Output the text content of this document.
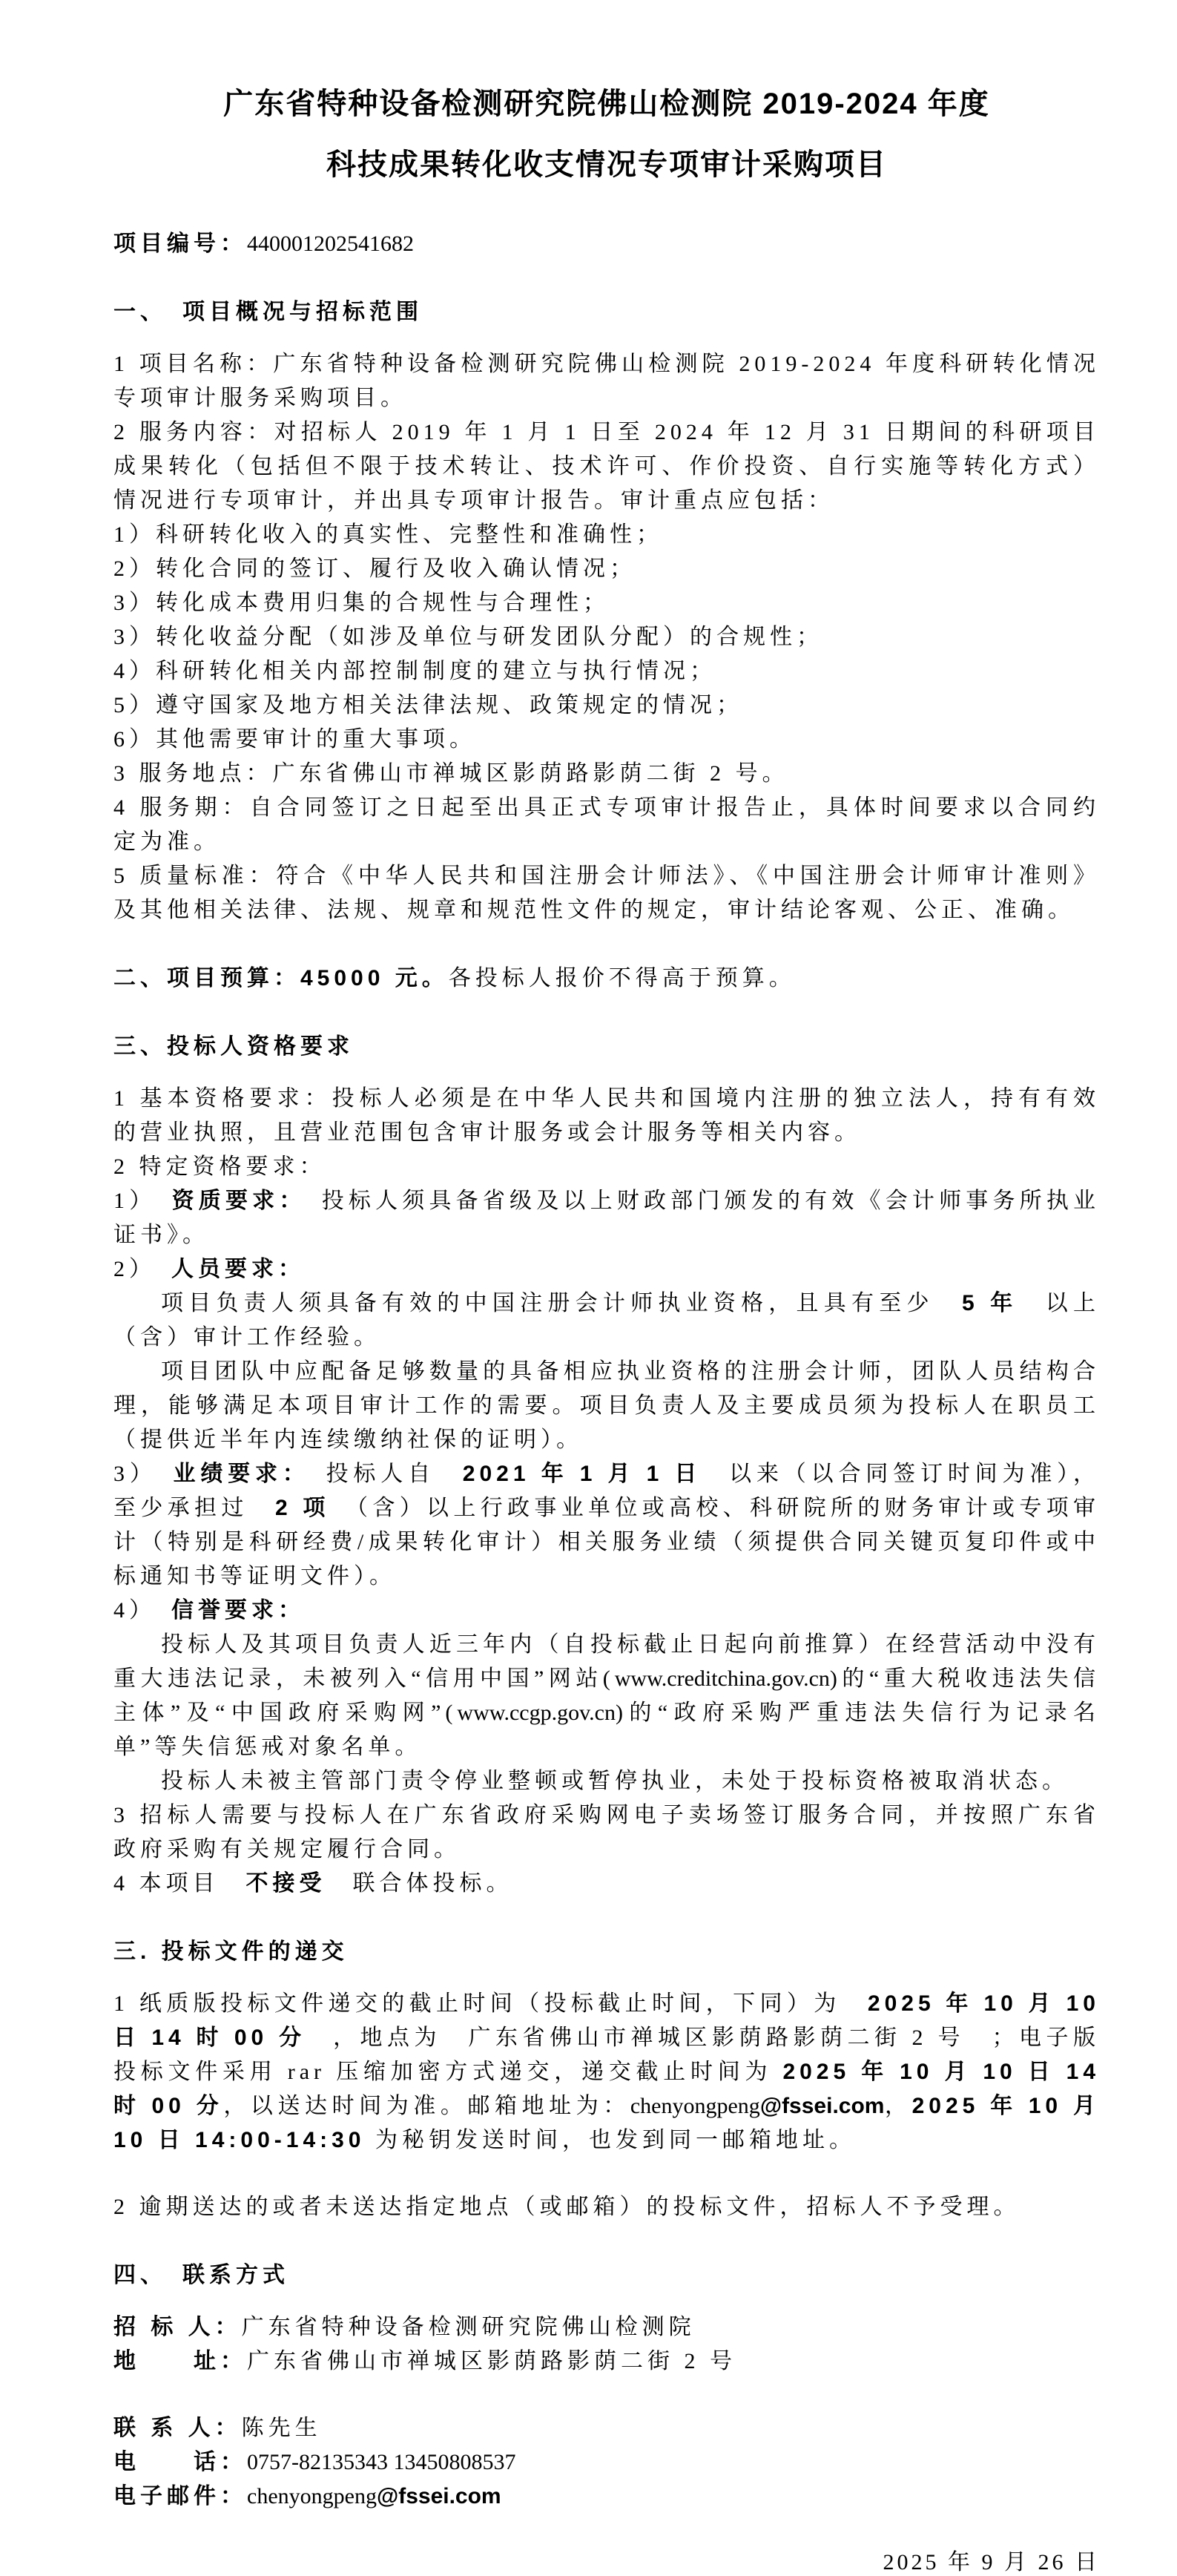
广东省特种设备检测研究院佛山检测院 2019-2024 年度
科技成果转化收支情况专项审计采购项目
项目编号：440001202541682
一、　项目概况与招标范围
1 项目名称：广东省特种设备检测研究院佛山检测院 2019-2024 年度科研转化情况专项审计服务采购项目。
2 服务内容：对招标人 2019 年 1 月 1 日至 2024 年 12 月 31 日期间的科研项目成果转化（包括但不限于技术转让、技术许可、作价投资、自行实施等转化方式）情况进行专项审计，并出具专项审计报告。审计重点应包括：
1）科研转化收入的真实性、完整性和准确性；
2）转化合同的签订、履行及收入确认情况；
3）转化成本费用归集的合规性与合理性；
3）转化收益分配（如涉及单位与研发团队分配）的合规性；
4）科研转化相关内部控制制度的建立与执行情况；
5）遵守国家及地方相关法律法规、政策规定的情况；
6）其他需要审计的重大事项。
3 服务地点：广东省佛山市禅城区影荫路影荫二街 2 号。
4 服务期：自合同签订之日起至出具正式专项审计报告止，具体时间要求以合同约定为准。
5 质量标准：符合《中华人民共和国注册会计师法》、《中国注册会计师审计准则》及其他相关法律、法规、规章和规范性文件的规定，审计结论客观、公正、准确。
二、项目预算：45000 元。各投标人报价不得高于预算。
三、投标人资格要求
1 基本资格要求：投标人必须是在中华人民共和国境内注册的独立法人，持有有效的营业执照，且营业范围包含审计服务或会计服务等相关内容。
2 特定资格要求：
1）　资质要求：　投标人须具备省级及以上财政部门颁发的有效《会计师事务所执业证书》。
2）　人员要求：
项目负责人须具备有效的中国注册会计师执业资格，且具有至少　5 年　以上（含）审计工作经验。
项目团队中应配备足够数量的具备相应执业资格的注册会计师，团队人员结构合理，能够满足本项目审计工作的需要。项目负责人及主要成员须为投标人在职员工（提供近半年内连续缴纳社保的证明）。
3）　业绩要求：　投标人自　2021 年 1 月 1 日　以来（以合同签订时间为准），至少承担过　2 项　（含）以上行政事业单位或高校、科研院所的财务审计或专项审计（特别是科研经费/成果转化审计）相关服务业绩（须提供合同关键页复印件或中标通知书等证明文件）。
4）　信誉要求：
投标人及其项目负责人近三年内（自投标截止日起向前推算）在经营活动中没有重大违法记录，未被列入“信用中国”网站(www.creditchina.gov.cn)的“重大税收违法失信主体”及“中国政府采购网”(www.ccgp.gov.cn)的“政府采购严重违法失信行为记录名单”等失信惩戒对象名单。
投标人未被主管部门责令停业整顿或暂停执业，未处于投标资格被取消状态。
3 招标人需要与投标人在广东省政府采购网电子卖场签订服务合同，并按照广东省政府采购有关规定履行合同。
4 本项目　不接受　联合体投标。
三. 投标文件的递交
1 纸质版投标文件递交的截止时间（投标截止时间，下同）为　2025 年 10 月 10 日 14 时 00 分　，地点为　广东省佛山市禅城区影荫路影荫二街 2 号　；电子版投标文件采用 rar 压缩加密方式递交，递交截止时间为 2025 年 10 月 10 日 14 时 00 分，以送达时间为准。邮箱地址为：chenyongpeng@fssei.com，2025 年 10 月 10 日 14:00-14:30 为秘钥发送时间，也发到同一邮箱地址。
2 逾期送达的或者未送达指定地点（或邮箱）的投标文件，招标人不予受理。
四、　联系方式
招 标 人：广东省特种设备检测研究院佛山检测院
地　　址：广东省佛山市禅城区影荫路影荫二街 2 号
联 系 人：陈先生
电　　话：0757-82135343 13450808537
电子邮件：chenyongpeng@fssei.com
2025 年 9 月 26 日
